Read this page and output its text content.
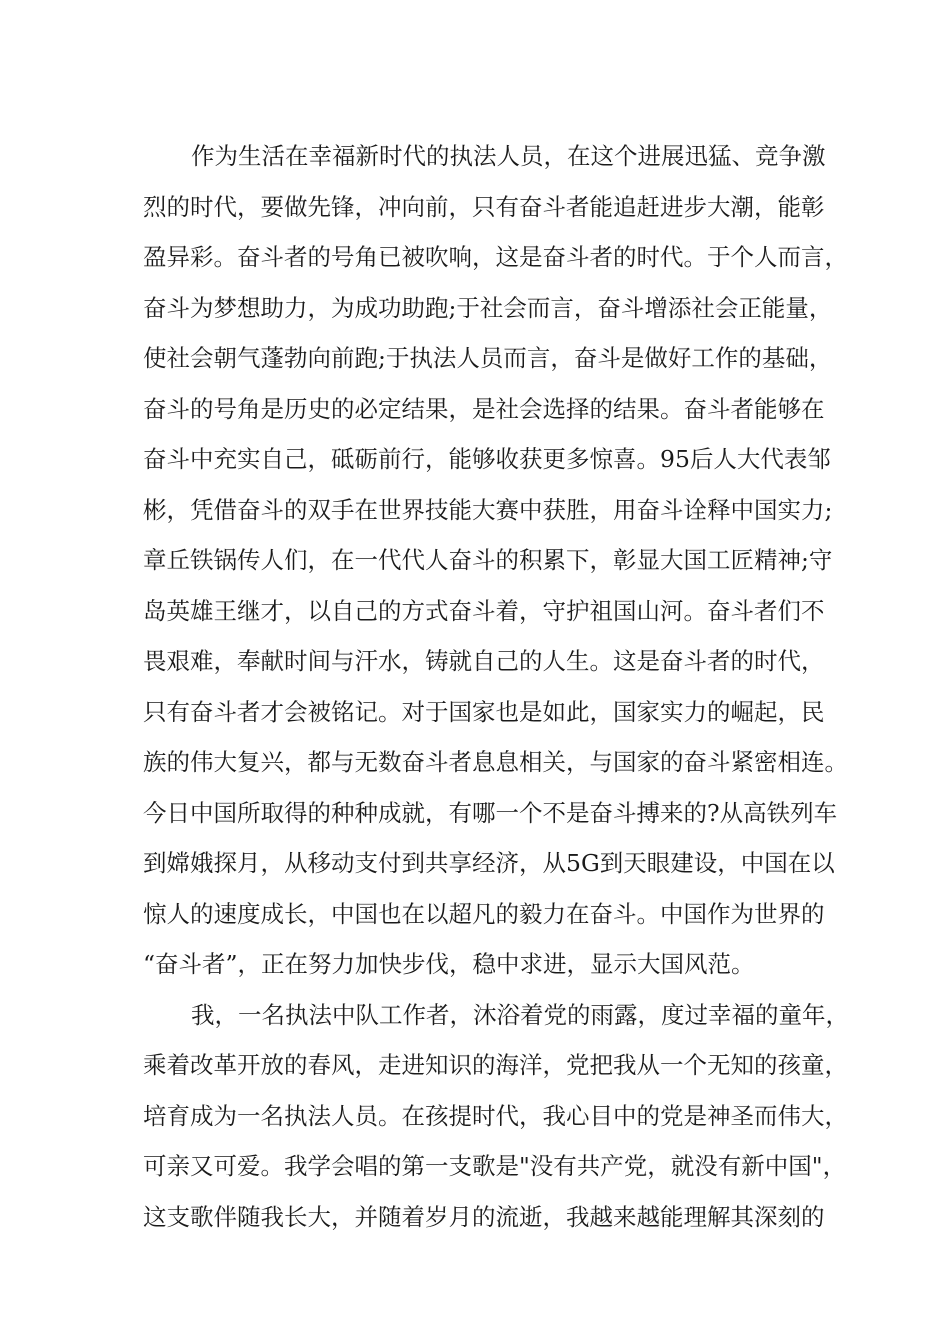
作为生活在幸福新时代的执法人员，在这个进展迅猛、竞争激
烈的时代，要做先锋，冲向前，只有奋斗者能追赶进步大潮，能彰
盈异彩。奋斗者的号角已被吹响，这是奋斗者的时代。于个人而言，
奋斗为梦想助力，为成功助跑;于社会而言，奋斗增添社会正能量，
使社会朝气蓬勃向前跑;于执法人员而言，奋斗是做好工作的基础，
奋斗的号角是历史的必定结果，是社会选择的结果。奋斗者能够在
奋斗中充实自己，砥砺前行，能够收获更多惊喜。95后人大代表邹
彬，凭借奋斗的双手在世界技能大赛中获胜，用奋斗诠释中国实力;
章丘铁锅传人们，在一代代人奋斗的积累下，彰显大国工匠精神;守
岛英雄王继才，以自己的方式奋斗着，守护祖国山河。奋斗者们不
畏艰难，奉献时间与汗水，铸就自己的人生。这是奋斗者的时代，
只有奋斗者才会被铭记。对于国家也是如此，国家实力的崛起，民
族的伟大复兴，都与无数奋斗者息息相关，与国家的奋斗紧密相连。
今日中国所取得的种种成就，有哪一个不是奋斗搏来的?从高铁列车
到嫦娥探月，从移动支付到共享经济，从5G到天眼建设，中国在以
惊人的速度成长，中国也在以超凡的毅力在奋斗。中国作为世界的
“奋斗者”，正在努力加快步伐，稳中求进，显示大国风范。
我，一名执法中队工作者，沐浴着党的雨露，度过幸福的童年，
乘着改革开放的春风，走进知识的海洋，党把我从一个无知的孩童，
培育成为一名执法人员。在孩提时代，我心目中的党是神圣而伟大，
可亲又可爱。我学会唱的第一支歌是"没有共产党，就没有新中国"，
这支歌伴随我长大，并随着岁月的流逝，我越来越能理解其深刻的
